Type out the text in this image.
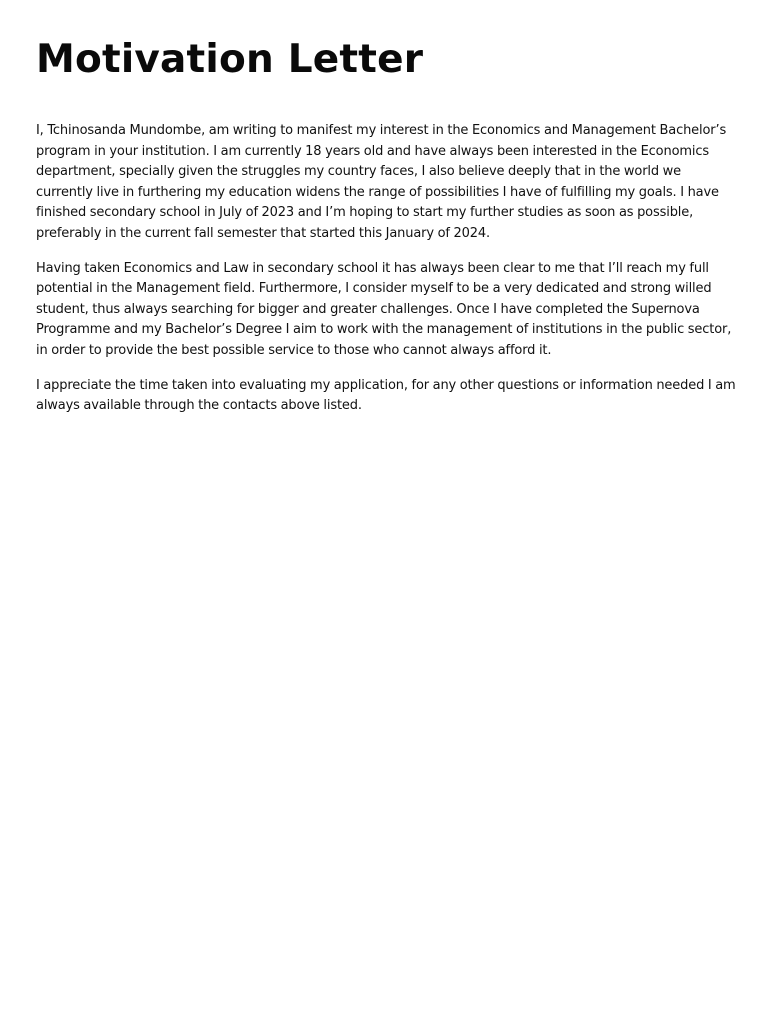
Motivation Letter

I, Tchinosanda Mundombe, am writing to manifest my interest in the Economics and Management Bachelor’s program in your institution. I am currently 18 years old and have always been interested in the Economics department, specially given the struggles my country faces, I also believe deeply that in the world we currently live in furthering my education widens the range of possibilities I have of fulfilling my goals. I have finished secondary school in July of 2023 and I’m hoping to start my further studies as soon as possible, preferably in the current fall semester that started this January of 2024.

Having taken Economics and Law in secondary school it has always been clear to me that I’ll reach my full potential in the Management field. Furthermore, I consider myself to be a very dedicated and strong willed student, thus always searching for bigger and greater challenges. Once I have completed the Supernova Programme and my Bachelor’s Degree I aim to work with the management of institutions in the public sector, in order to provide the best possible service to those who cannot always afford it.

I appreciate the time taken into evaluating my application, for any other questions or information needed I am always available through the contacts above listed.
